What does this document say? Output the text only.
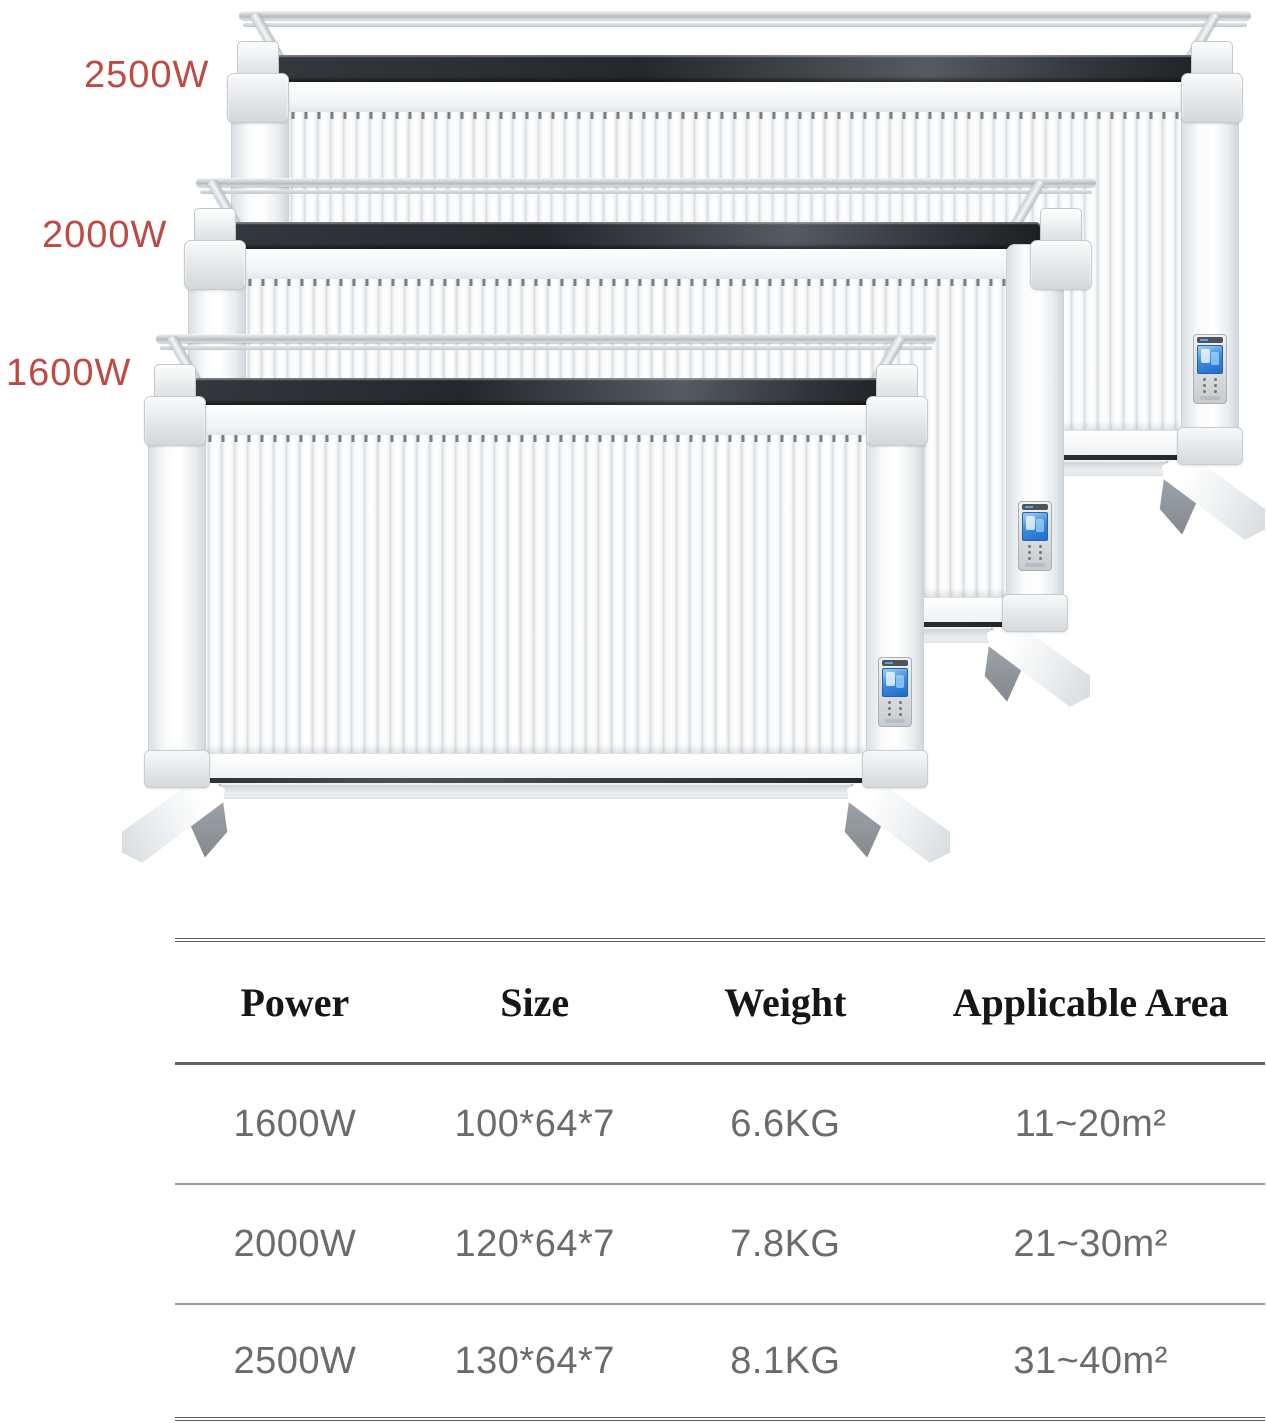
2500W
2000W
1600W
Power	Size	Weight	Applicable Area
1600W	100*64*7	6.6KG	11~20m²
2000W	120*64*7	7.8KG	21~30m²
2500W	130*64*7	8.1KG	31~40m²
